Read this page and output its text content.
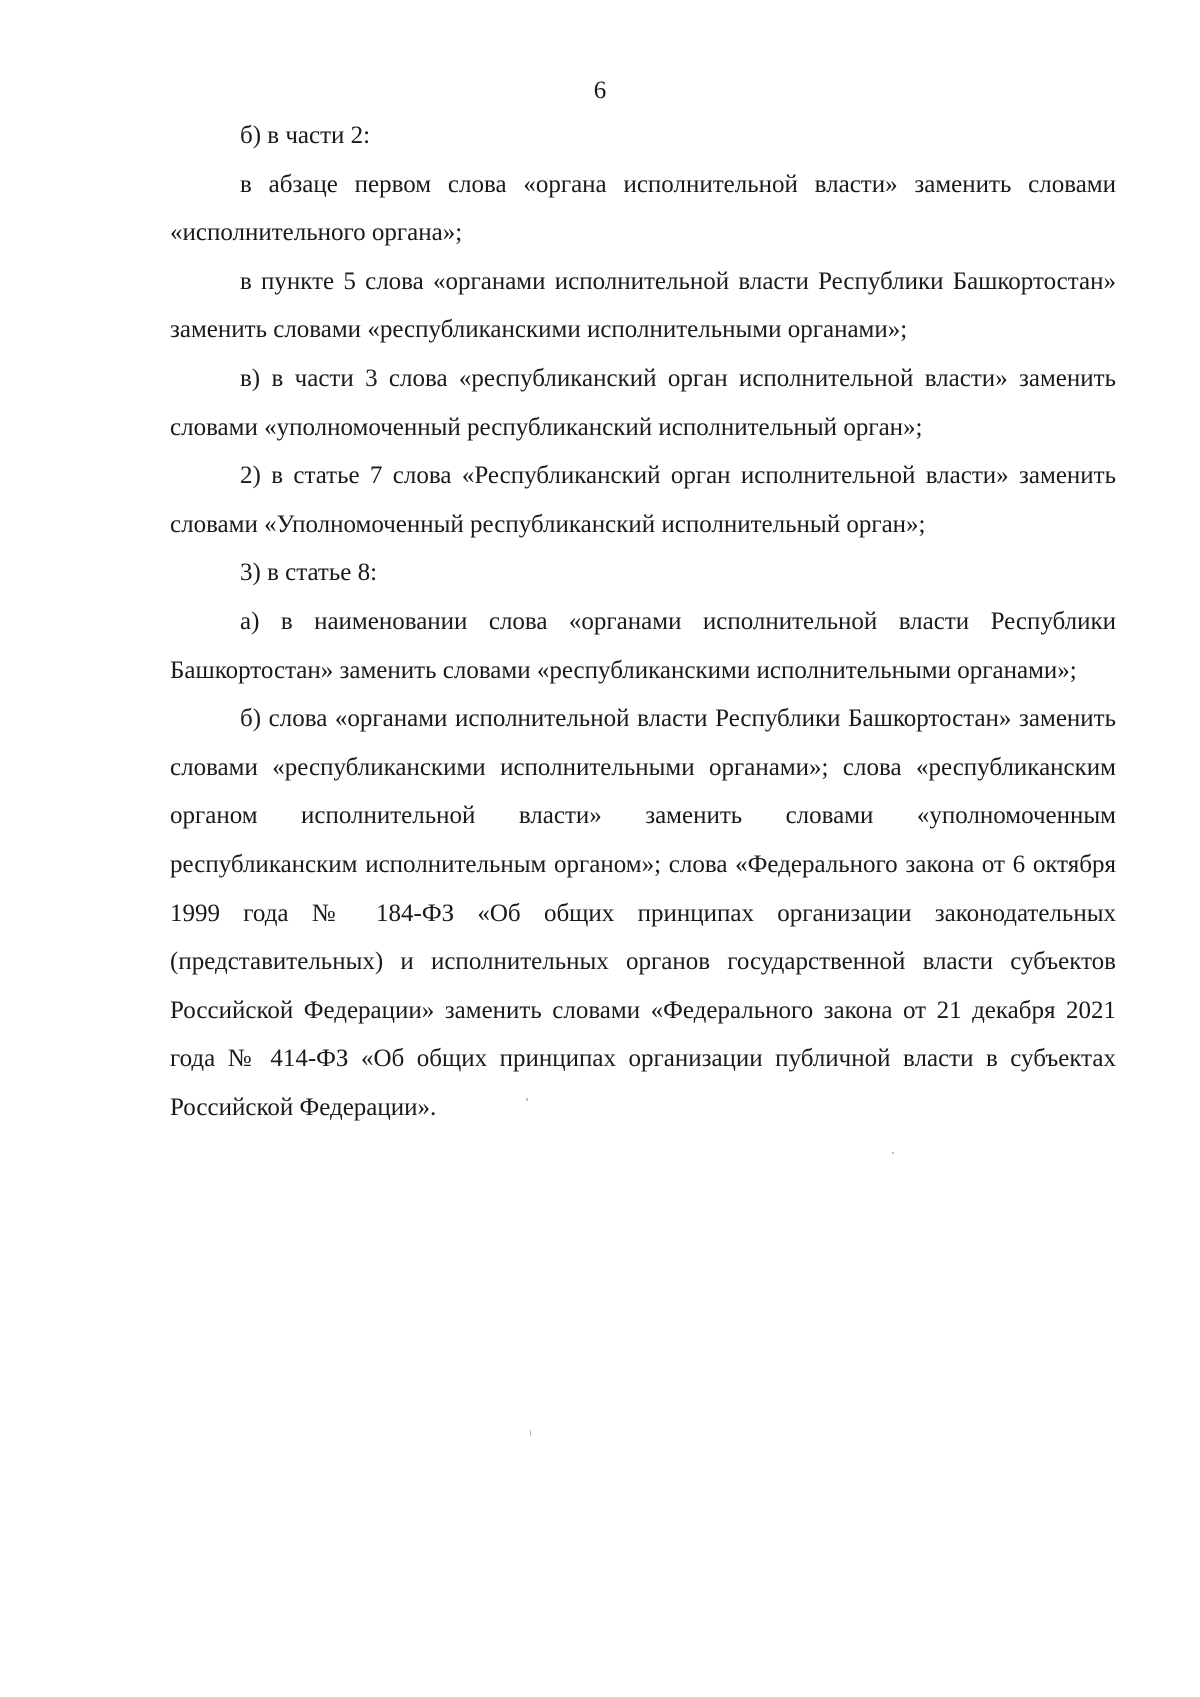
6

б) в части 2:

в абзаце первом слова «органа исполнительной власти» заменить словами «исполнительного органа»;

в пункте 5 слова «органами исполнительной власти Республики Башкортостан» заменить словами «республиканскими исполнительными органами»;

в) в части 3 слова «республиканский орган исполнительной власти» заменить словами «уполномоченный республиканский исполнительный орган»;

2) в статье 7 слова «Республиканский орган исполнительной власти» заменить словами «Уполномоченный республиканский исполнительный орган»;

3) в статье 8:

а) в наименовании слова «органами исполнительной власти Республики Башкортостан» заменить словами «республиканскими исполнительными органами»;

б) слова «органами исполнительной власти Республики Башкортостан» заменить словами «республиканскими исполнительными органами»; слова «республиканским органом исполнительной власти» заменить словами «уполномоченным республиканским исполнительным органом»; слова «Федерального закона от 6 октября 1999 года № 184-ФЗ «Об общих принципах организации законодательных (представительных) и исполнительных органов государственной власти субъектов Российской Федерации» заменить словами «Федерального закона от 21 декабря 2021 года № 414-ФЗ «Об общих принципах организации публичной власти в субъектах Российской Федерации».
